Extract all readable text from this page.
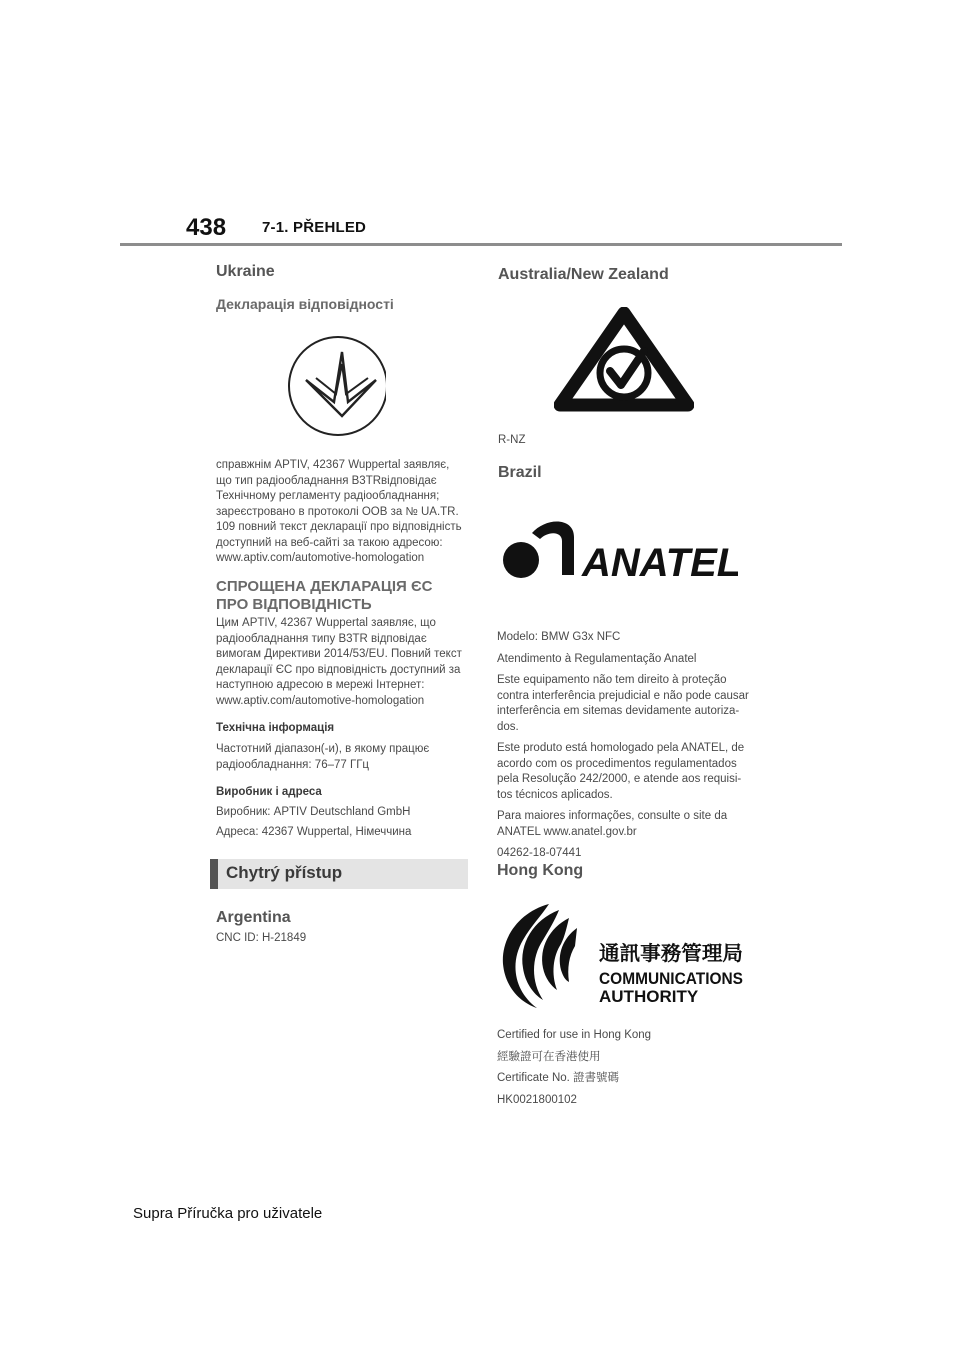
438 7-1. PŘEHLED
Ukraine
Декларація відповідності
справжнім APTIV, 42367 Wuppertal заявляє, що тип радіообладнання B3TRвідповідає Технічному регламенту радіообладнання; зареєстровано в протоколі OOB за № UA.TR. 109 повний текст декларації про відповідність доступний на веб-сайті за такою адресою: www.aptiv.com/automotive-homologation
СПРОЩЕНА ДЕКЛАРАЦІЯ ЄС ПРО ВІДПОВІДНІСТЬ
Цим APTIV, 42367 Wuppertal заявляє, що радіообладнання типу B3TR відповідає вимогам Директиви 2014/53/EU. Повний текст декларації ЄС про відповідність доступний за наступною адресою в мережі Інтернет: www.aptiv.com/automotive-homologation
Технічна інформація
Частотний діапазон(-и), в якому працює радіообладнання: 76–77 ГГц
Виробник і адреса
Виробник: APTIV Deutschland GmbH
Адреса: 42367 Wuppertal, Німеччина
Chytrý přístup
Argentina
CNC ID: H-21849
Australia/New Zealand
R-NZ
Brazil
ANATEL
Modelo: BMW G3x NFC
Atendimento à Regulamentação Anatel
Este equipamento não tem direito à proteção contra interferência prejudicial e não pode causar interferência em sitemas devidamente autoriza-dos.
Este produto está homologado pela ANATEL, de acordo com os procedimentos regulamentados pela Resolução 242/2000, e atende aos requisi-tos técnicos aplicados.
Para maiores informações, consulte o site da ANATEL www.anatel.gov.br
04262-18-07441
Hong Kong
通訊事務管理局
COMMUNICATIONS
AUTHORITY
Certified for use in Hong Kong
經驗證可在香港使用
Certificate No. 證書號碼
HK0021800102
Supra Příručka pro uživatele
